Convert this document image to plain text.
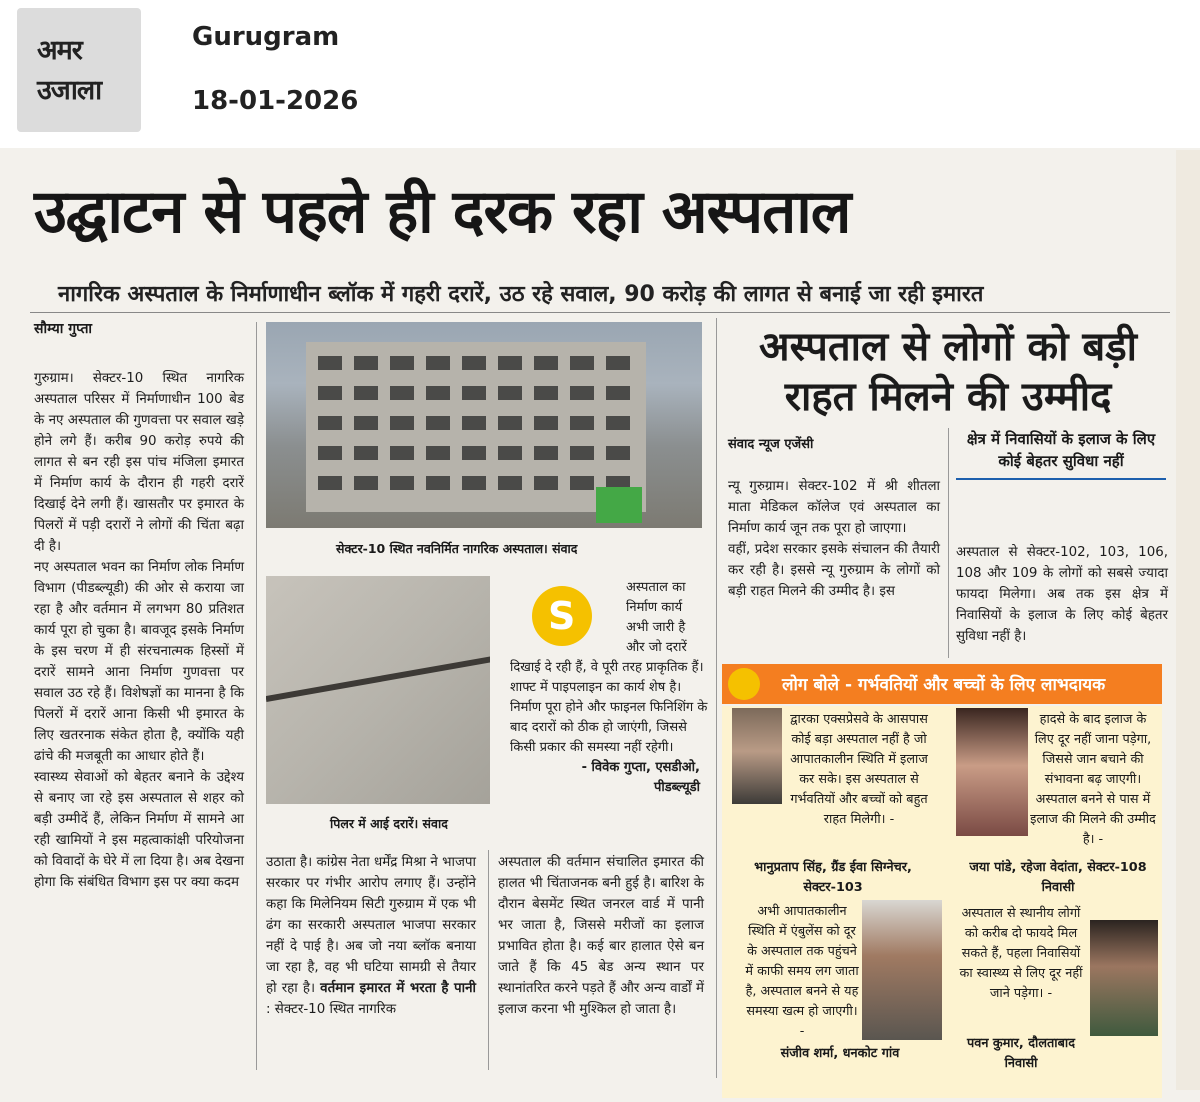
अमर
उजाला
Gurugram
18-01-2026
उद्घाटन से पहले ही दरक रहा अस्पताल
नागरिक अस्पताल के निर्माणाधीन ब्लॉक में गहरी दरारें, उठ रहे सवाल, 90 करोड़ की लागत से बनाई जा रही इमारत
सौम्या गुप्ता

गुरुग्राम। सेक्टर-10 स्थित नागरिक अस्पताल परिसर में निर्माणाधीन 100 बेड के नए अस्पताल की गुणवत्ता पर सवाल खड़े होने लगे हैं। करीब 90 करोड़ रुपये की लागत से बन रही इस पांच मंजिला इमारत में निर्माण कार्य के दौरान ही गहरी दरारें दिखाई देने लगी हैं। खासतौर पर इमारत के पिलरों में पड़ी दरारों ने लोगों की चिंता बढ़ा दी है।

नए अस्पताल भवन का निर्माण लोक निर्माण विभाग (पीडब्ल्यूडी) की ओर से कराया जा रहा है और वर्तमान में लगभग 80 प्रतिशत कार्य पूरा हो चुका है। बावजूद इसके निर्माण के इस चरण में ही संरचनात्मक हिस्सों में दरारें सामने आना निर्माण गुणवत्ता पर सवाल उठ रहे हैं। विशेषज्ञों का मानना है कि पिलरों में दरारें आना किसी भी इमारत के लिए खतरनाक संकेत होता है, क्योंकि यही ढांचे की मजबूती का आधार होते हैं।

स्वास्थ्य सेवाओं को बेहतर बनाने के उद्देश्य से बनाए जा रहे इस अस्पताल से शहर को बड़ी उम्मीदें हैं, लेकिन निर्माण में सामने आ रही खामियों ने इस महत्वाकांक्षी परियोजना को विवादों के घेरे में ला दिया है। अब देखना होगा कि संबंधित विभाग इस पर क्या कदम

सेक्टर-10 स्थित नवनिर्मित नागरिक अस्पताल। संवाद
पिलर में आई दरारें। संवाद
S
अस्पताल का
निर्माण कार्य
अभी जारी है
और जो दरारें
दिखाई दे रही हैं, वे पूरी तरह प्राकृतिक हैं। शाफ्ट में पाइपलाइन का कार्य शेष है। निर्माण पूरा होने और फाइनल फिनिशिंग के बाद दरारों को ठीक हो जाएंगी, जिससे किसी प्रकार की समस्या नहीं रहेगी।
- विवेक गुप्ता, एसडीओ,
पीडब्ल्यूडी
उठाता है। कांग्रेस नेता धर्मेंद्र मिश्रा ने भाजपा सरकार पर गंभीर आरोप लगाए हैं। उन्होंने कहा कि मिलेनियम सिटी गुरुग्राम में एक भी ढंग का सरकारी अस्पताल भाजपा सरकार नहीं दे पाई है। अब जो नया ब्लॉक बनाया जा रहा है, वह भी घटिया सामग्री से तैयार हो रहा है। वर्तमान इमारत में भरता है पानी : सेक्टर-10 स्थित नागरिक
अस्पताल की वर्तमान संचालित इमारत की हालत भी चिंताजनक बनी हुई है। बारिश के दौरान बेसमेंट स्थित जनरल वार्ड में पानी भर जाता है, जिससे मरीजों का इलाज प्रभावित होता है। कई बार हालात ऐसे बन जाते हैं कि 45 बेड अन्य स्थान पर स्थानांतरित करने पड़ते हैं और अन्य वार्डों में इलाज करना भी मुश्किल हो जाता है।
अस्पताल से लोगों को बड़ी
राहत मिलने की उम्मीद
संवाद न्यूज एजेंसी

न्यू गुरुग्राम। सेक्टर-102 में श्री शीतला माता मेडिकल कॉलेज एवं अस्पताल का निर्माण कार्य जून तक पूरा हो जाएगा।

वहीं, प्रदेश सरकार इसके संचालन की तैयारी कर रही है। इससे न्यू गुरुग्राम के लोगों को बड़ी राहत मिलने की उम्मीद है। इस

क्षेत्र में निवासियों के इलाज के लिए कोई बेहतर सुविधा नहीं

अस्पताल से सेक्टर-102, 103, 106, 108 और 109 के लोगों को सबसे ज्यादा फायदा मिलेगा। अब तक इस क्षेत्र में निवासियों के इलाज के लिए कोई बेहतर सुविधा नहीं है।

लोग बोले - गर्भवतियों और बच्चों के लिए लाभदायक
द्वारका एक्सप्रेसवे के आसपास कोई बड़ा अस्पताल नहीं है जो आपातकालीन स्थिति में इलाज कर सके। इस अस्पताल से गर्भवतियों और बच्चों को बहुत राहत मिलेगी। -
भानुप्रताप सिंह, ग्रैंड ईवा सिग्नेचर, सेक्टर-103
हादसे के बाद इलाज के लिए दूर नहीं जाना पड़ेगा, जिससे जान बचाने की संभावना बढ़ जाएगी। अस्पताल बनने से पास में इलाज की मिलने की उम्मीद है। -
जया पांडे, रहेजा वेदांता, सेक्टर-108 निवासी
अभी आपातकालीन स्थिति में एंबुलेंस को दूर के अस्पताल तक पहुंचने में काफी समय लग जाता है, अस्पताल बनने से यह समस्या खत्म हो जाएगी। -
संजीव शर्मा, धनकोट गांव
अस्पताल से स्थानीय लोगों को करीब दो फायदे मिल सकते हैं, पहला निवासियों का स्वास्थ्य से लिए दूर नहीं जाने पड़ेगा। -
पवन कुमार, दौलताबाद निवासी
